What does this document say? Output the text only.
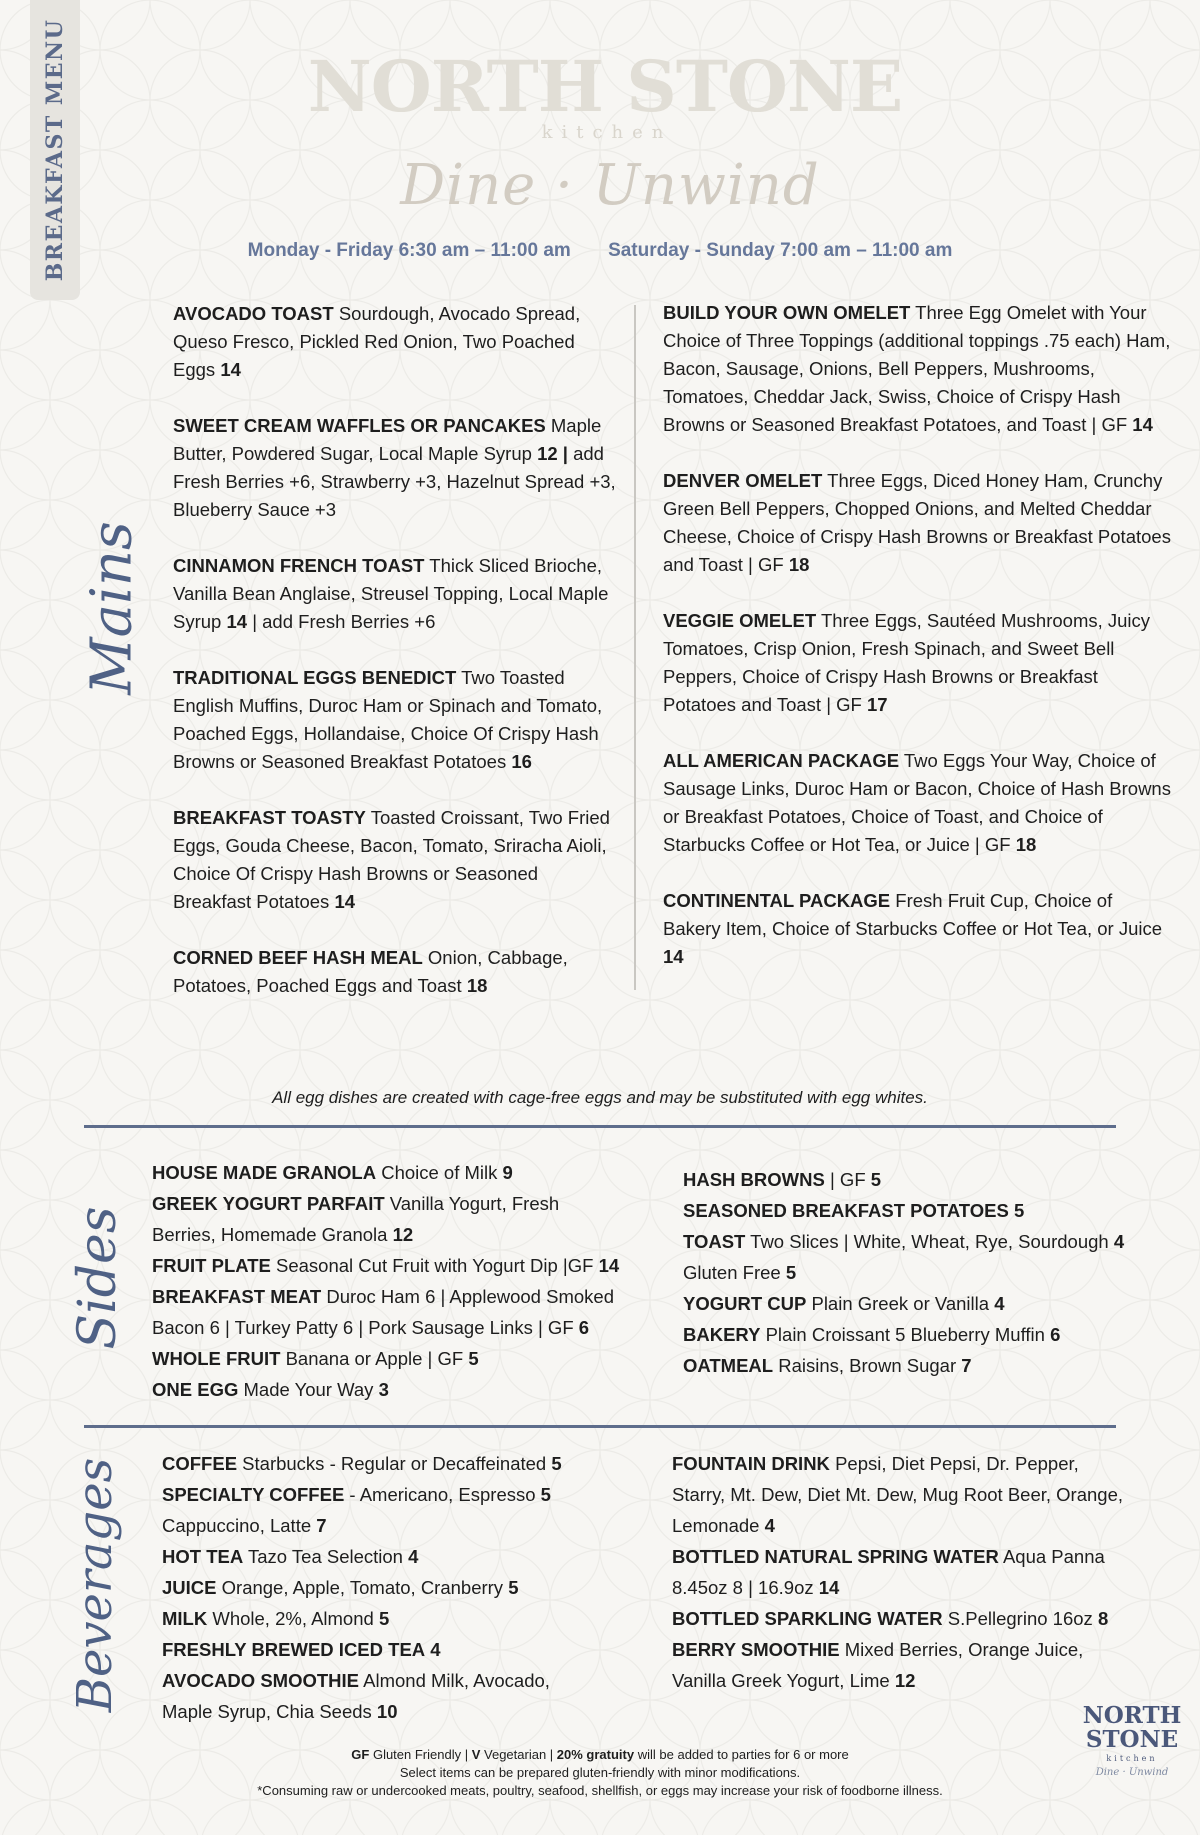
BREAKFAST MENU	NORTH STONE
kitchen
Dine · Unwind
Monday - Friday 6:30 am – 11:00 am Saturday - Sunday 7:00 am – 11:00 am
Mains
AVOCADO TOAST Sourdough, Avocado Spread, Queso Fresco, Pickled Red Onion, Two Poached Eggs 14
SWEET CREAM WAFFLES OR PANCAKES Maple Butter, Powdered Sugar, Local Maple Syrup 12 | add Fresh Berries +6, Strawberry +3, Hazelnut Spread +3, Blueberry Sauce +3
CINNAMON FRENCH TOAST Thick Sliced Brioche, Vanilla Bean Anglaise, Streusel Topping, Local Maple Syrup 14 | add Fresh Berries +6
TRADITIONAL EGGS BENEDICT Two Toasted English Muffins, Duroc Ham or Spinach and Tomato, Poached Eggs, Hollandaise, Choice Of Crispy Hash Browns or Seasoned Breakfast Potatoes 16
BREAKFAST TOASTY Toasted Croissant, Two Fried Eggs, Gouda Cheese, Bacon, Tomato, Sriracha Aioli, Choice Of Crispy Hash Browns or Seasoned Breakfast Potatoes 14
CORNED BEEF HASH MEAL Onion, Cabbage, Potatoes, Poached Eggs and Toast 18
BUILD YOUR OWN OMELET Three Egg Omelet with Your Choice of Three Toppings (additional toppings .75 each) Ham, Bacon, Sausage, Onions, Bell Peppers, Mushrooms, Tomatoes, Cheddar Jack, Swiss, Choice of Crispy Hash Browns or Seasoned Breakfast Potatoes, and Toast | GF 14
DENVER OMELET Three Eggs, Diced Honey Ham, Crunchy Green Bell Peppers, Chopped Onions, and Melted Cheddar Cheese, Choice of Crispy Hash Browns or Breakfast Potatoes and Toast | GF 18
VEGGIE OMELET Three Eggs, Sautéed Mushrooms, Juicy Tomatoes, Crisp Onion, Fresh Spinach, and Sweet Bell Peppers, Choice of Crispy Hash Browns or Breakfast Potatoes and Toast | GF 17
ALL AMERICAN PACKAGE Two Eggs Your Way, Choice of Sausage Links, Duroc Ham or Bacon, Choice of Hash Browns or Breakfast Potatoes, Choice of Toast, and Choice of Starbucks Coffee or Hot Tea, or Juice | GF 18
CONTINENTAL PACKAGE Fresh Fruit Cup, Choice of Bakery Item, Choice of Starbucks Coffee or Hot Tea, or Juice 14
All egg dishes are created with cage-free eggs and may be substituted with egg whites.
Sides
HOUSE MADE GRANOLA Choice of Milk 9
GREEK YOGURT PARFAIT Vanilla Yogurt, Fresh
Berries, Homemade Granola 12
FRUIT PLATE Seasonal Cut Fruit with Yogurt Dip |GF 14
BREAKFAST MEAT Duroc Ham 6 | Applewood Smoked
Bacon 6 | Turkey Patty 6 | Pork Sausage Links | GF 6
WHOLE FRUIT Banana or Apple | GF 5
ONE EGG Made Your Way 3
HASH BROWNS | GF 5
SEASONED BREAKFAST POTATOES 5
TOAST Two Slices | White, Wheat, Rye, Sourdough 4
Gluten Free 5
YOGURT CUP Plain Greek or Vanilla 4
BAKERY Plain Croissant 5 Blueberry Muffin 6
OATMEAL Raisins, Brown Sugar 7
Beverages COFFEE Starbucks - Regular or Decaffeinated 5
SPECIALTY COFFEE - Americano, Espresso 5
Cappuccino, Latte 7
HOT TEA Tazo Tea Selection 4
JUICE Orange, Apple, Tomato, Cranberry 5
MILK Whole, 2%, Almond 5
FRESHLY BREWED ICED TEA 4
AVOCADO SMOOTHIE Almond Milk, Avocado,
Maple Syrup, Chia Seeds 10
FOUNTAIN DRINK Pepsi, Diet Pepsi, Dr. Pepper,
Starry, Mt. Dew, Diet Mt. Dew, Mug Root Beer, Orange,
Lemonade 4
BOTTLED NATURAL SPRING WATER Aqua Panna
8.45oz 8 | 16.9oz 14
BOTTLED SPARKLING WATER S.Pellegrino 16oz 8
BERRY SMOOTHIE Mixed Berries, Orange Juice,
Vanilla Greek Yogurt, Lime 12
GF Gluten Friendly | V Vegetarian | 20% gratuity will be added to parties for 6 or more
Select items can be prepared gluten-friendly with minor modifications.
*Consuming raw or undercooked meats, poultry, seafood, shellfish, or eggs may increase your risk of foodborne illness.
NORTH
STONE
kitchen
Dine · Unwind
